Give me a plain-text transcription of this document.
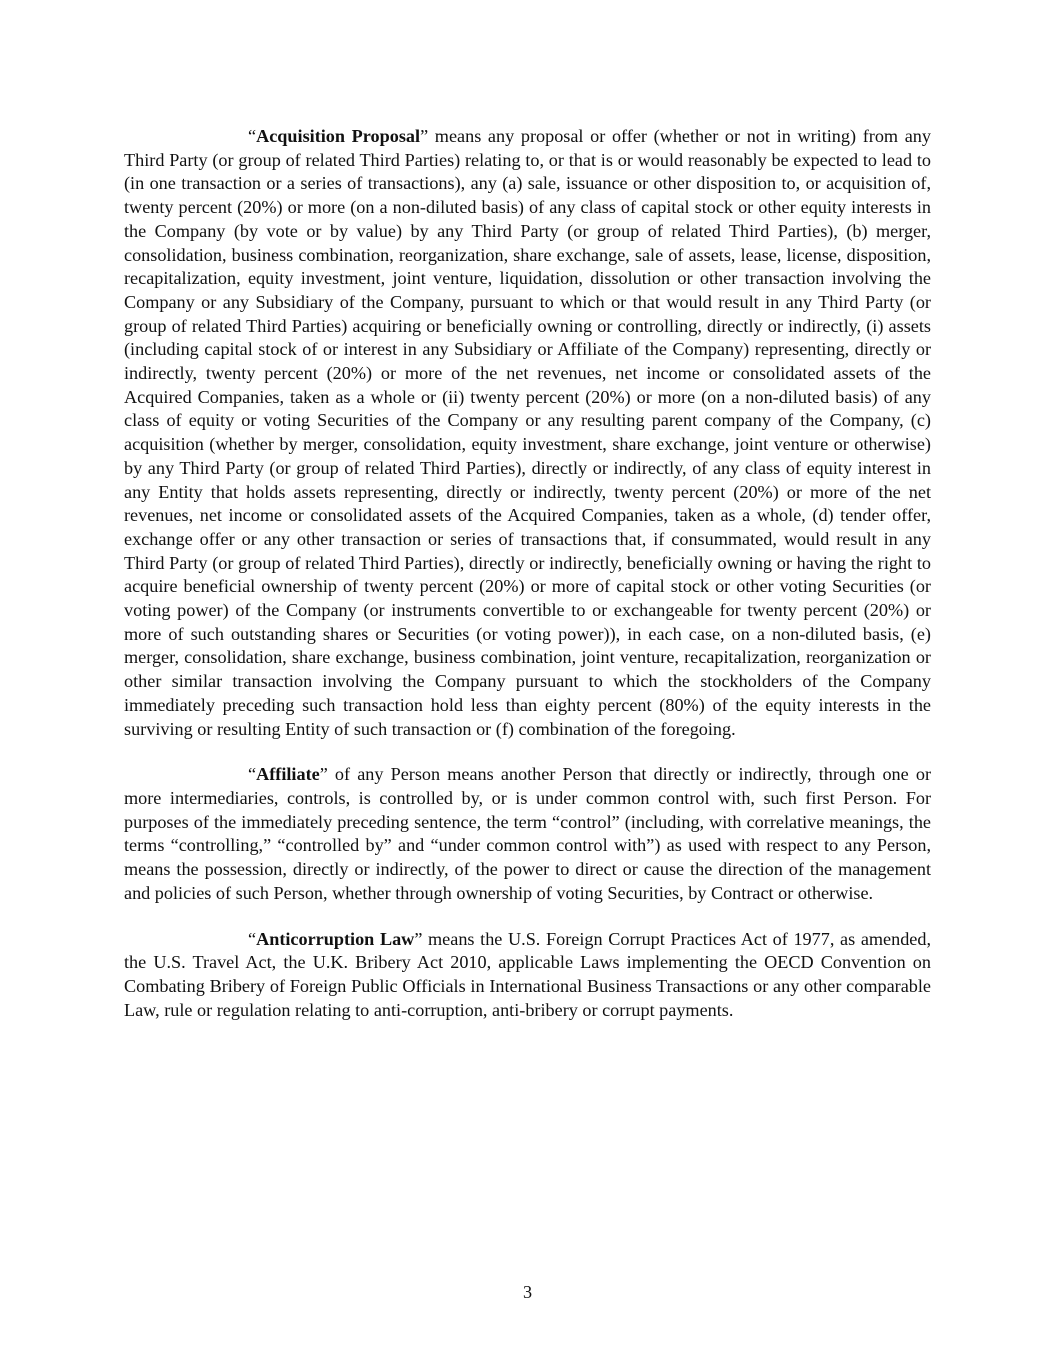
“Acquisition Proposal” means any proposal or offer (whether or not in writing) from any Third Party (or group of related Third Parties) relating to, or that is or would reasonably be expected to lead to (in one transaction or a series of transactions), any (a) sale, issuance or other disposition to, or acquisition of, twenty percent (20%) or more (on a non-diluted basis) of any class of capital stock or other equity interests in the Company (by vote or by value) by any Third Party (or group of related Third Parties), (b) merger, consolidation, business combination, reorganization, share exchange, sale of assets, lease, license, disposition, recapitalization, equity investment, joint venture, liquidation, dissolution or other transaction involving the Company or any Subsidiary of the Company, pursuant to which or that would result in any Third Party (or group of related Third Parties) acquiring or beneficially owning or controlling, directly or indirectly, (i) assets (including capital stock of or interest in any Subsidiary or Affiliate of the Company) representing, directly or indirectly, twenty percent (20%) or more of the net revenues, net income or consolidated assets of the Acquired Companies, taken as a whole or (ii) twenty percent (20%) or more (on a non-diluted basis) of any class of equity or voting Securities of the Company or any resulting parent company of the Company, (c) acquisition (whether by merger, consolidation, equity investment, share exchange, joint venture or otherwise) by any Third Party (or group of related Third Parties), directly or indirectly, of any class of equity interest in any Entity that holds assets representing, directly or indirectly, twenty percent (20%) or more of the net revenues, net income or consolidated assets of the Acquired Companies, taken as a whole, (d) tender offer, exchange offer or any other transaction or series of transactions that, if consummated, would result in any Third Party (or group of related Third Parties), directly or indirectly, beneficially owning or having the right to acquire beneficial ownership of twenty percent (20%) or more of capital stock or other voting Securities (or voting power) of the Company (or instruments convertible to or exchangeable for twenty percent (20%) or more of such outstanding shares or Securities (or voting power)), in each case, on a non-diluted basis, (e) merger, consolidation, share exchange, business combination, joint venture, recapitalization, reorganization or other similar transaction involving the Company pursuant to which the stockholders of the Company immediately preceding such transaction hold less than eighty percent (80%) of the equity interests in the surviving or resulting Entity of such transaction or (f) combination of the foregoing.

“Affiliate” of any Person means another Person that directly or indirectly, through one or more intermediaries, controls, is controlled by, or is under common control with, such first Person. For purposes of the immediately preceding sentence, the term “control” (including, with correlative meanings, the terms “controlling,” “controlled by” and “under common control with”) as used with respect to any Person, means the possession, directly or indirectly, of the power to direct or cause the direction of the management and policies of such Person, whether through ownership of voting Securities, by Contract or otherwise.

“Anticorruption Law” means the U.S. Foreign Corrupt Practices Act of 1977, as amended, the U.S. Travel Act, the U.K. Bribery Act 2010, applicable Laws implementing the OECD Convention on Combating Bribery of Foreign Public Officials in International Business Transactions or any other comparable Law, rule or regulation relating to anti-corruption, anti-bribery or corrupt payments.

3
